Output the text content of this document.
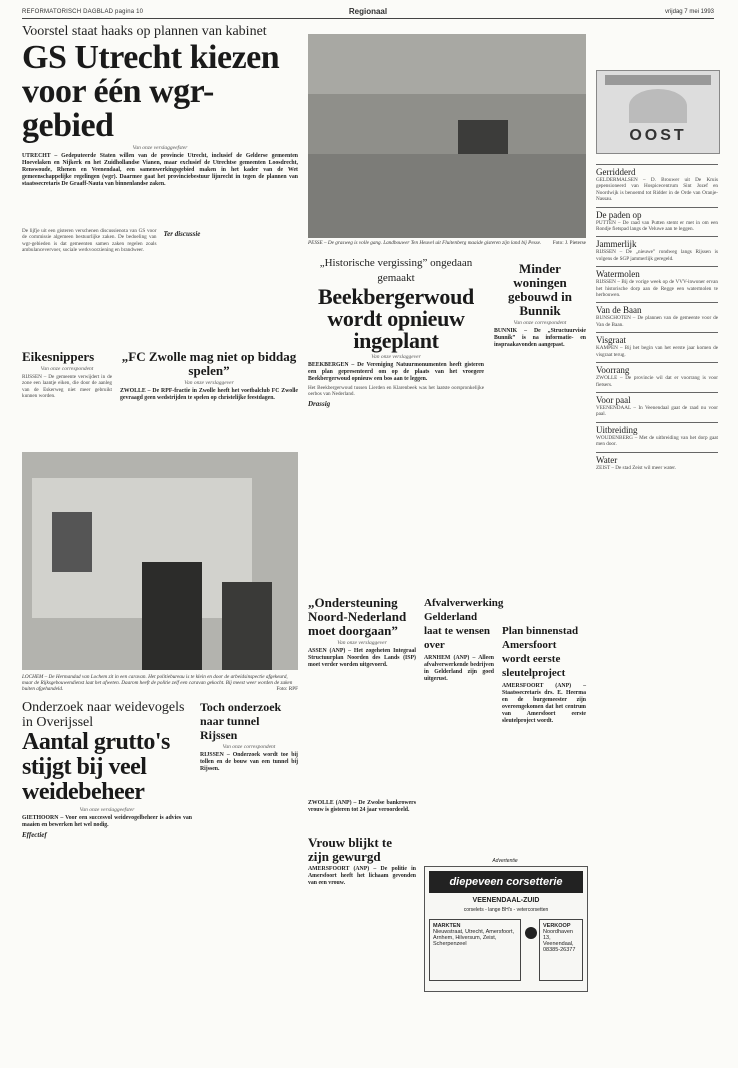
REFORMATORISCH DAGBLAD pagina 10	Regionaal	vrijdag 7 mei 1993
Voorstel staat haaks op plannen van kabinet
GS Utrecht kiezen voor één wgr-gebied
Van onze verslaggeefster
UTRECHT – Gedeputeerde Staten willen van de provincie Utrecht, inclusief de Gelderse gemeenten Hoevelaken en Nijkerk en het Zuidhollandse Vianen, maar exclusief de Utrechtse gemeenten Loosdrecht, Renswoude, Rhenen en Veenendaal, een samenwerkingsgebied maken in het kader van de Wet gemeenschappelijke regelingen (wgr). Daarmee gaat het provinciebestuur lijnrecht in tegen de plannen van staatssecretaris De Graaff-Nauta van binnenlandse zaken.
De lijfje uit een gisteren verschenen discussienota van GS voor de commissie algemeen bestuurlijke zaken. De bedoeling van wgr-gebieden is dat gemeenten samen zaken regelen zoals ambulancevervoer, sociale werkvoorziening en brandweer.
Ter discussie
PESSE – De grasweg is volle gang. Landbouwer Ten Heuvel uit Fluitenberg maaide gisteren zijn land bij Pesse. Foto: J. Pieterse
„Historische vergissing” ongedaan gemaakt
Beekbergerwoud wordt opnieuw ingeplant
Van onze verslaggever
BEEKBERGEN – De Vereniging Natuurmonumenten heeft gisteren een plan gepresenteerd om op de plaats van het vroegere Beekbergerwoud opnieuw een bos aan te leggen.
Het Beekbergerwoud tussen Lierden en Klarenbeek was het laatste oorspronkelijke oerbos van Nederland.
Drassig
Minder woningen gebouwd in Bunnik
Van onze correspondent
BUNNIK – De „Structuurvisie Bunnik” is na informatie- en inspraakavonden aangepast.
Eikesnippers
Van onze correspondent
RIJSSEN – De gemeente verwijdert in de zone een laantje eiken, die door de aanleg van de Eskerweg niet meer gebruikt kunnen worden.
„FC Zwolle mag niet op biddag spelen”
Van onze verslaggever
ZWOLLE – De RPF-fractie in Zwolle heeft het voetbalclub FC Zwolle gevraagd geen wedstrijden te spelen op christelijke feestdagen.
LOCHEM – De Hermandad van Lochem zit in een caravan. Het politiebureau is te klein en door de arbeidsinspectie afgekeurd, maar de Rijksgebouwendienst laat het afweten. Daarom heeft de politie zelf een caravan gekocht. Bij meest weer worden de zaken buiten afgehandeld.	Foto: RPF
„Ondersteuning Noord-Nederland moet doorgaan”
Van onze verslaggever
ASSEN (ANP) – Het zogeheten Integraal Structuurplan Noorden des Lands (ISP) moet verder worden uitgevoerd.
Afvalverwerking Gelderland laat te wensen over
ARNHEM (ANP) – Alleen afvalverwerkende bedrijven in Gelderland zijn goed uitgerust.
Plan binnenstad Amersfoort wordt eerste sleutelproject
AMERSFOORT (ANP) – Staatssecretaris drs. E. Heerma en de burgemeester zijn overeengekomen dat het centrum van Amersfoort eerste sleutelproject wordt.
Onderzoek naar weidevogels in Overijssel
Aantal grutto's stijgt bij veel weidebeheer
Van onze verslaggeefster
GIETHOORN – Voor een succesvol weidevogelbeheer is advies van maaien en bewerken het wel nodig.
Effectief
Toch onderzoek naar tunnel Rijssen
Van onze correspondent
RIJSSEN – Onderzoek wordt toe bij tollen en de bouw van een tunnel bij Rijssen.
ZWOLLE (ANP) – De Zwolse bankrowers vrouw is gisteren tot 24 jaar veroordeeld.
Vrouw blijkt te zijn gewurgd
AMERSFOORT (ANP) – De politie in Amersfoort heeft het lichaam gevonden van een vrouw.
Advertentie
diepeveen corsetterie
VEENENDAAL-ZUID
corselets - lange BH's - vetercorsetten
MARKTEN
Nieuwstraat, Utrecht, Amersfoort, Arnhem, Hilversum, Zeist, Scherpenzeel
VERKOOP
Noordhaven 13, Veenendaal, 08385-26377
OOST
Gerridderd
GELDERMALSEN – D. Brouwer uit De Kruis gepensioneerd van Hospicecentrum Sint Jozef en Noordwijk is benoemd tot Ridder in de Orde van Oranje-Nassau.
De paden op
PUTTEN – De raad van Putten stemt er met in om een Rondje fietspad langs de Veluwe aan te leggen.
Jammerlijk
RIJSSEN – De „nieuwe” rondweg langs Rijssen is volgens de SGP jammerlijk geregeld.
Watermolen
RIJSSEN – Bij de vorige week op de VVV-inwoner ervan het historische dorp aan de Regge een watermolen te herbouwen.
Van de Baan
BUNSCHOTEN – De plannen van de gemeente voor de Van de Baan.
Visgraat
KAMPEN – Bij het begin van het eerste jaar komen de visgraat terug.
Voorrang
ZWOLLE – De provincie wil dat er voorrang is voor fietsers.
Voor paal
VEENENDAAL – In Veenendaal gaat de raad nu voor paal.
Uitbreiding
WOUDENBERG – Met de uitbreiding van het dorp gaat men door.
Water
ZEIST – De stad Zeist wil meer water.
